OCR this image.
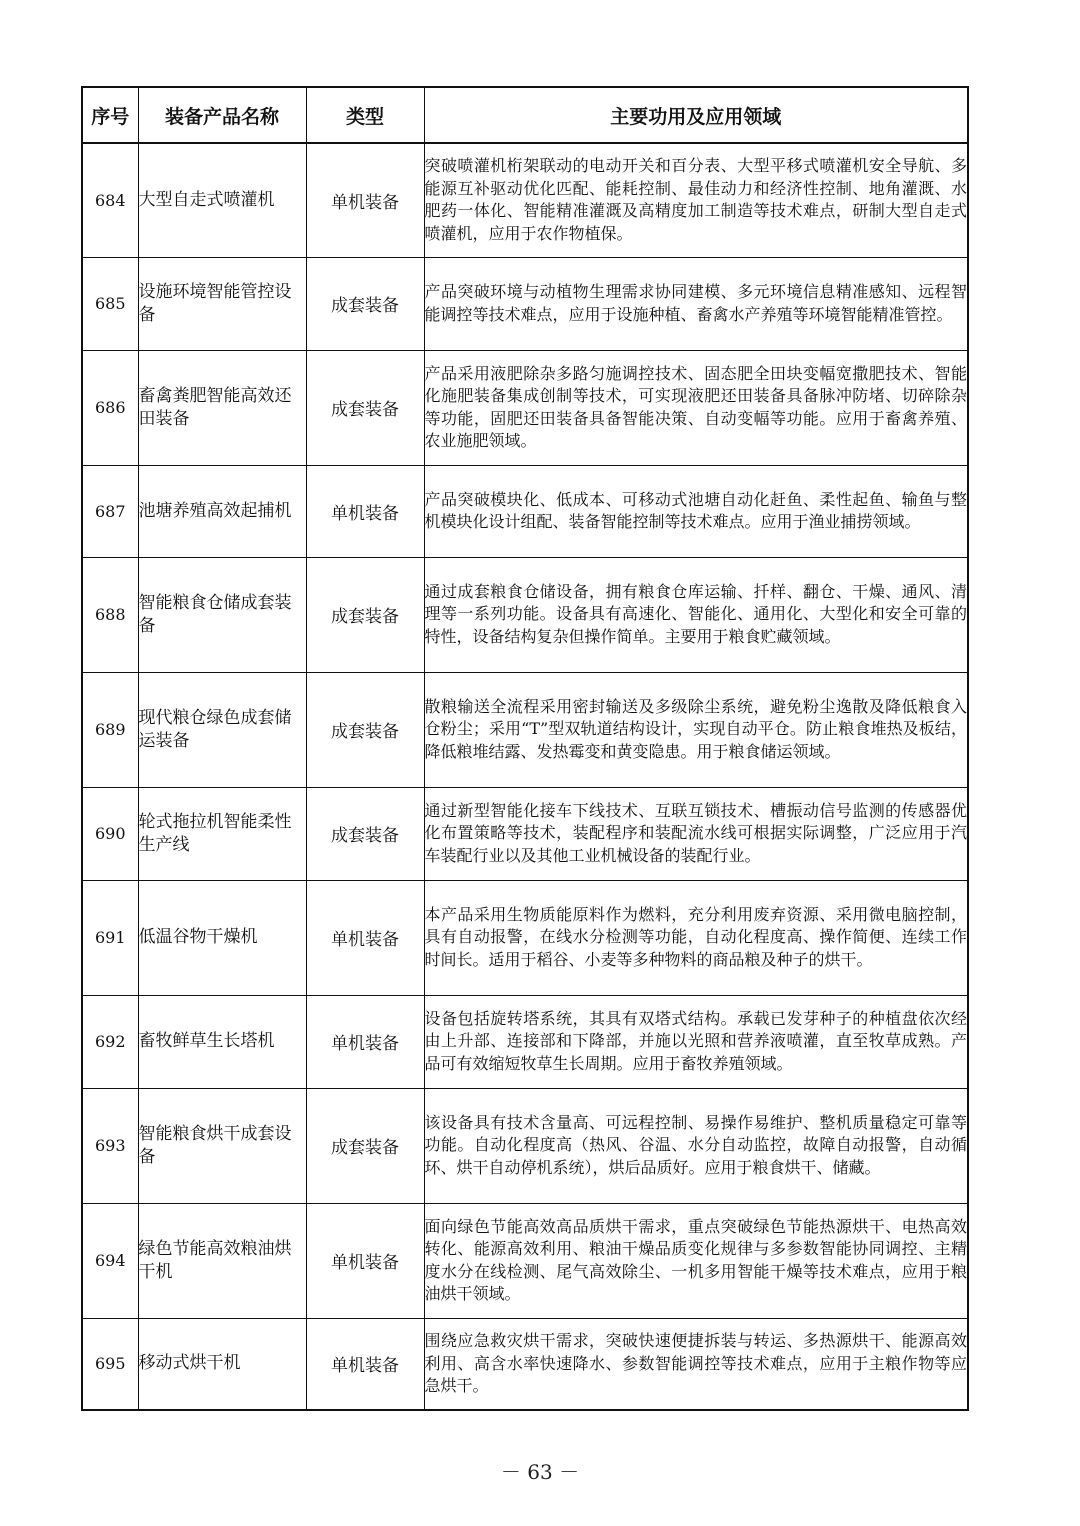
序号	装备产品名称	类型	主要功用及应用领域
684	大型自走式喷灌机	单机装备	突破喷灌机桁架联动的电动开关和百分表、大型平移式喷灌机安全导航、多能源互补驱动优化匹配、能耗控制、最佳动力和经济性控制、地角灌溉、水肥药一体化、智能精准灌溉及高精度加工制造等技术难点，研制大型自走式喷灌机，应用于农作物植保。
685	设施环境智能管控设备	成套装备	产品突破环境与动植物生理需求协同建模、多元环境信息精准感知、远程智能调控等技术难点，应用于设施种植、畜禽水产养殖等环境智能精准管控。
686	畜禽粪肥智能高效还田装备	成套装备	产品采用液肥除杂多路匀施调控技术、固态肥全田块变幅宽撒肥技术、智能化施肥装备集成创制等技术，可实现液肥还田装备具备脉冲防堵、切碎除杂等功能，固肥还田装备具备智能决策、自动变幅等功能。应用于畜禽养殖、农业施肥领域。
687	池塘养殖高效起捕机	单机装备	产品突破模块化、低成本、可移动式池塘自动化赶鱼、柔性起鱼、输鱼与整机模块化设计组配、装备智能控制等技术难点。应用于渔业捕捞领域。
688	智能粮食仓储成套装备	成套装备	通过成套粮食仓储设备，拥有粮食仓库运输、扦样、翻仓、干燥、通风、清理等一系列功能。设备具有高速化、智能化、通用化、大型化和安全可靠的特性，设备结构复杂但操作简单。主要用于粮食贮藏领域。
689	现代粮仓绿色成套储运装备	成套装备	散粮输送全流程采用密封输送及多级除尘系统，避免粉尘逸散及降低粮食入仓粉尘；采用“T”型双轨道结构设计，实现自动平仓。防止粮食堆热及板结，降低粮堆结露、发热霉变和黄变隐患。用于粮食储运领域。
690	轮式拖拉机智能柔性生产线	成套装备	通过新型智能化接车下线技术、互联互锁技术、槽振动信号监测的传感器优化布置策略等技术，装配程序和装配流水线可根据实际调整，广泛应用于汽车装配行业以及其他工业机械设备的装配行业。
691	低温谷物干燥机	单机装备	本产品采用生物质能原料作为燃料，充分利用废弃资源、采用微电脑控制，具有自动报警，在线水分检测等功能，自动化程度高、操作简便、连续工作时间长。适用于稻谷、小麦等多种物料的商品粮及种子的烘干。
692	畜牧鲜草生长塔机	单机装备	设备包括旋转塔系统，其具有双塔式结构。承载已发芽种子的种植盘依次经由上升部、连接部和下降部，并施以光照和营养液喷灌，直至牧草成熟。产品可有效缩短牧草生长周期。应用于畜牧养殖领域。
693	智能粮食烘干成套设备	成套装备	该设备具有技术含量高、可远程控制、易操作易维护、整机质量稳定可靠等功能。自动化程度高（热风、谷温、水分自动监控，故障自动报警，自动循环、烘干自动停机系统），烘后品质好。应用于粮食烘干、储藏。
694	绿色节能高效粮油烘干机	单机装备	面向绿色节能高效高品质烘干需求，重点突破绿色节能热源烘干、电热高效转化、能源高效利用、粮油干燥品质变化规律与多参数智能协同调控、主精度水分在线检测、尾气高效除尘、一机多用智能干燥等技术难点，应用于粮油烘干领域。
695	移动式烘干机	单机装备	围绕应急救灾烘干需求，突破快速便捷拆装与转运、多热源烘干、能源高效利用、高含水率快速降水、参数智能调控等技术难点，应用于主粮作物等应急烘干。
－ 63 －
